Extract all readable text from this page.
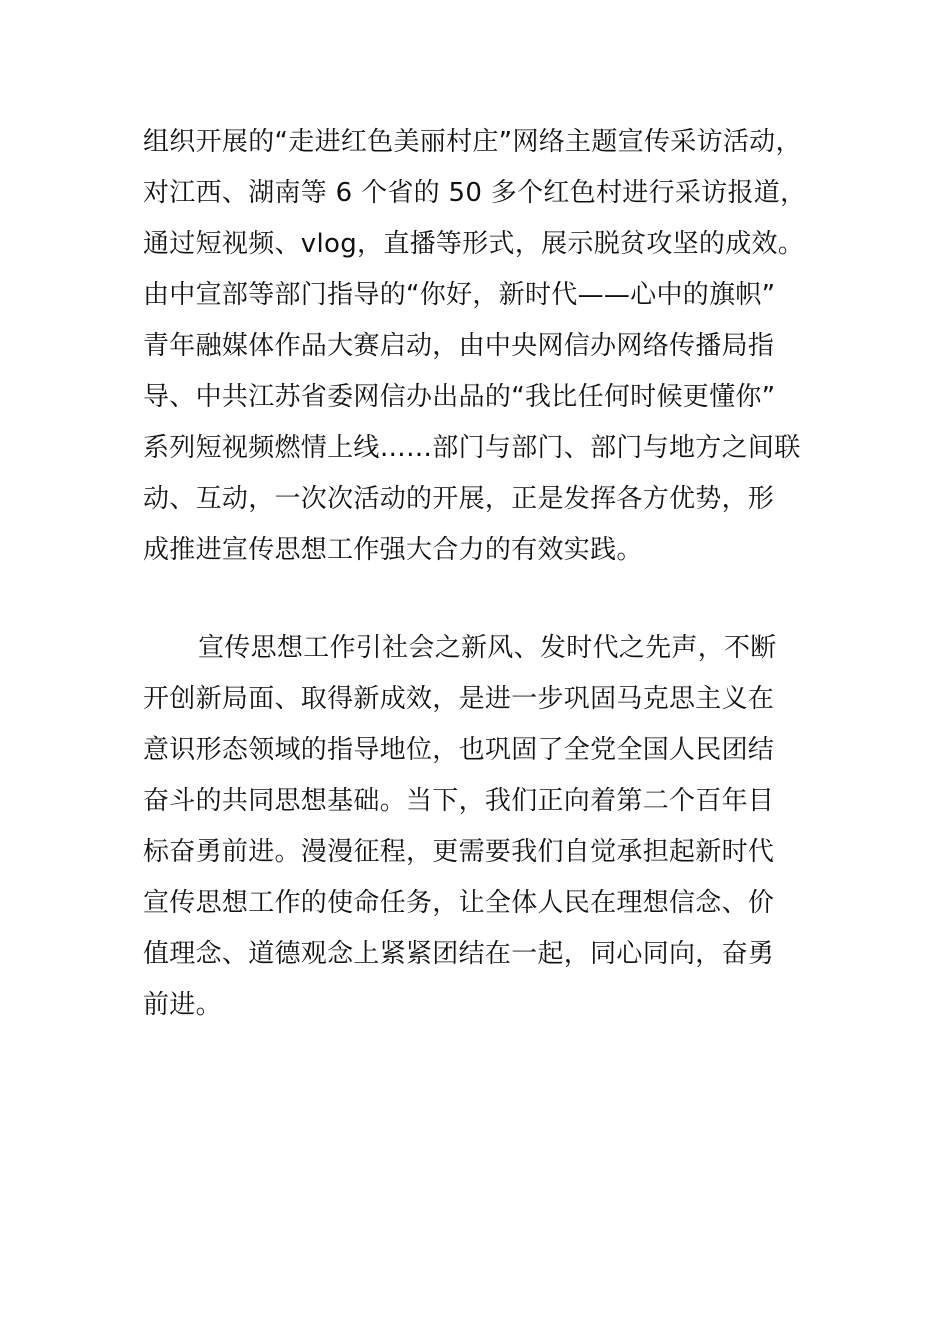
组织开展的“走进红色美丽村庄”网络主题宣传采访活动，

对江西、湖南等 6 个省的 50 多个红色村进行采访报道，

通过短视频、vlog，直播等形式，展示脱贫攻坚的成效。

由中宣部等部门指导的“你好，新时代——心中的旗帜”

青年融媒体作品大赛启动，由中央网信办网络传播局指

导、中共江苏省委网信办出品的“我比任何时候更懂你”

系列短视频燃情上线……部门与部门、部门与地方之间联

动、互动，一次次活动的开展，正是发挥各方优势，形

成推进宣传思想工作强大合力的有效实践。

宣传思想工作引社会之新风、发时代之先声，不断

开创新局面、取得新成效，是进一步巩固马克思主义在

意识形态领域的指导地位，也巩固了全党全国人民团结

奋斗的共同思想基础。当下，我们正向着第二个百年目

标奋勇前进。漫漫征程，更需要我们自觉承担起新时代

宣传思想工作的使命任务，让全体人民在理想信念、价

值理念、道德观念上紧紧团结在一起，同心同向，奋勇

前进。
